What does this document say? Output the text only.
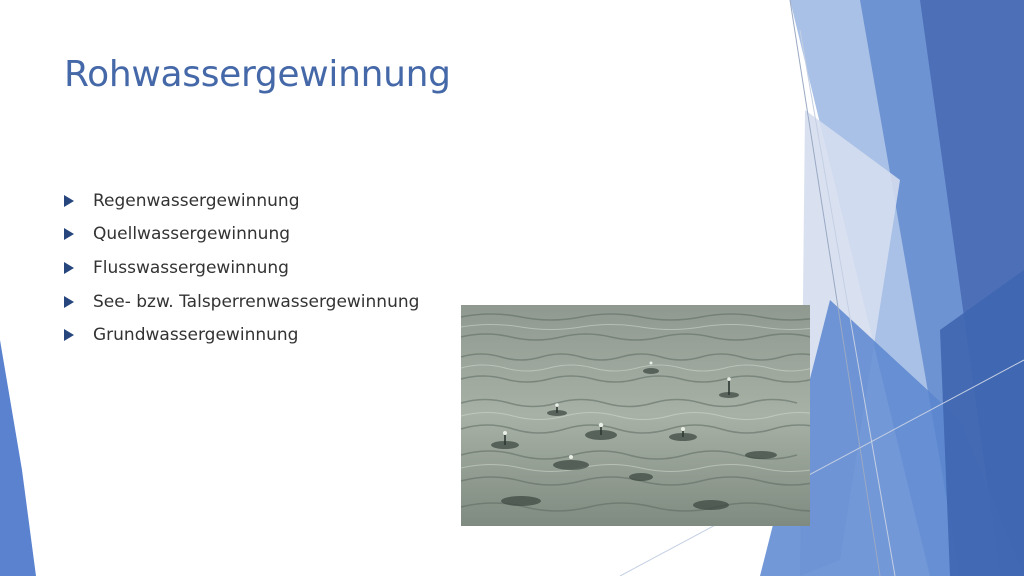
Rohwassergewinnung
Regenwassergewinnung
Quellwassergewinnung
Flusswassergewinnung
See- bzw. Talsperrenwassergewinnung
Grundwassergewinnung
